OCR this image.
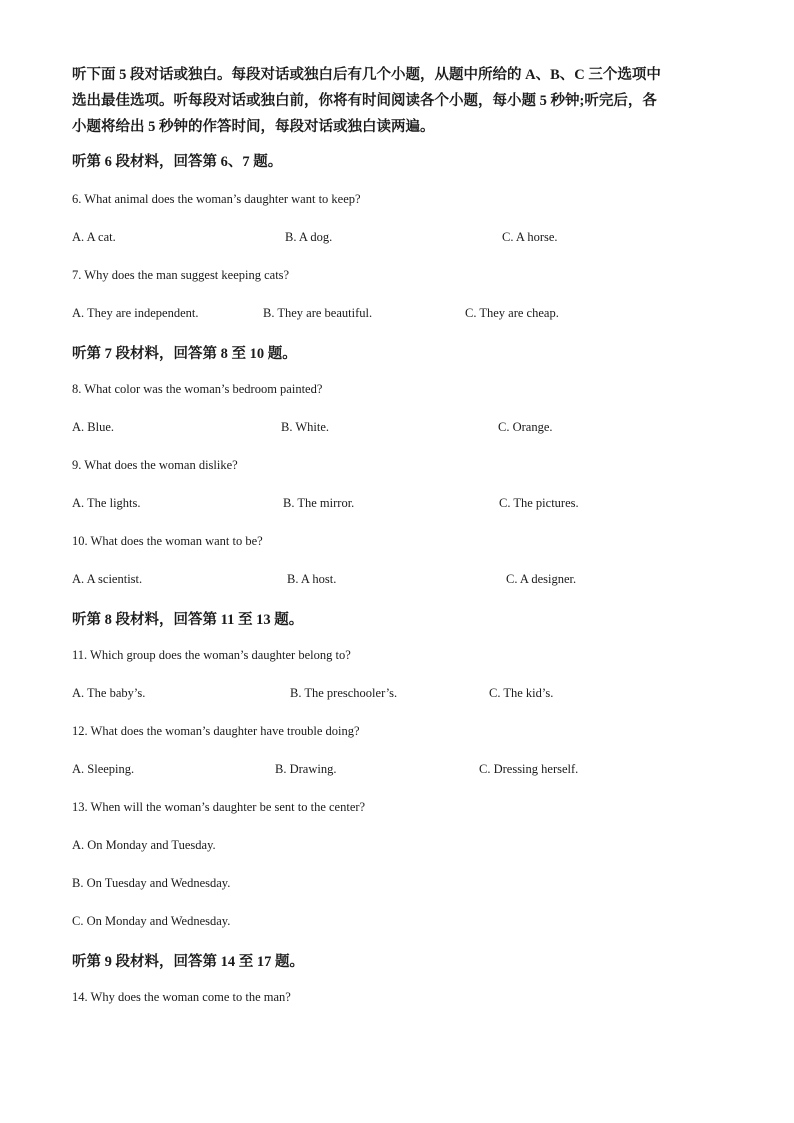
听下面 5 段对话或独白。每段对话或独白后有几个小题，从题中所给的 A、B、C 三个选项中
选出最佳选项。听每段对话或独白前，你将有时间阅读各个小题，每小题 5 秒钟;听完后，各
小题将给出 5 秒钟的作答时间，每段对话或独白读两遍。

听第 6 段材料，回答第 6、7 题。
6. What animal does the woman’s daughter want to keep?
A. A cat.	B. A dog.	C. A horse.
7. Why does the man suggest keeping cats?
A. They are independent.	B. They are beautiful.	C. They are cheap.
听第 7 段材料，回答第 8 至 10 题。
8. What color was the woman’s bedroom painted?
A. Blue.	B. White.	C. Orange.
9. What does the woman dislike?
A. The lights.	B. The mirror.	C. The pictures.
10. What does the woman want to be?
A. A scientist.	B. A host.	C. A designer.
听第 8 段材料，回答第 11 至 13 题。
11. Which group does the woman’s daughter belong to?
A. The baby’s.	B. The preschooler’s.	C. The kid’s.
12. What does the woman’s daughter have trouble doing?
A. Sleeping.	B. Drawing.	C. Dressing herself.
13. When will the woman’s daughter be sent to the center?
A. On Monday and Tuesday.
B. On Tuesday and Wednesday.
C. On Monday and Wednesday.
听第 9 段材料，回答第 14 至 17 题。
14. Why does the woman come to the man?
